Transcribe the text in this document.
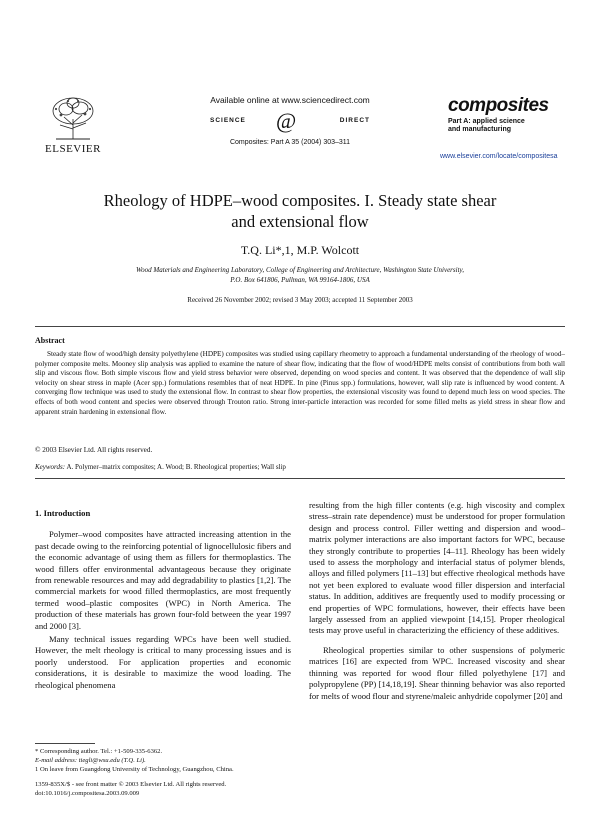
ELSEVIER
Available online at www.sciencedirect.com
SCIENCE @	DIRECT
Composites: Part A 35 (2004) 303–311
composites
Part A: applied science
and manufacturing
www.elsevier.com/locate/compositesa
Rheology of HDPE–wood composites. I. Steady state shear
and extensional flow
T.Q. Li*,1, M.P. Wolcott
Wood Materials and Engineering Laboratory, College of Engineering and Architecture, Washington State University,
P.O. Box 641806, Pullman, WA 99164-1806, USA
Received 26 November 2002; revised 3 May 2003; accepted 11 September 2003
Abstract
Steady state flow of wood/high density polyethylene (HDPE) composites was studied using capillary rheometry to approach a fundamental understanding of the rheology of wood–polymer composite melts. Mooney slip analysis was applied to examine the nature of shear flow, indicating that the flow of wood/HDPE melts consist of contributions from both wall slip and viscous flow. Both simple viscous flow and yield stress behavior were observed, depending on wood species and content. It was observed that the dependence of wall slip velocity on shear stress in maple (Acer spp.) formulations resembles that of neat HDPE. In pine (Pinus spp.) formulations, however, wall slip rate is influenced by wood content. A converging flow technique was used to study the extensional flow. In contrast to shear flow properties, the extensional viscosity was found to depend much less on wood species. The effects of both wood content and species were observed through Trouton ratio. Strong inter-particle interaction was recorded for some filled melts as yield stress in shear flow and apparent strain hardening in extensional flow.
© 2003 Elsevier Ltd. All rights reserved.
Keywords: A. Polymer–matrix composites; A. Wood; B. Rheological properties; Wall slip
1. Introduction

Polymer–wood composites have attracted increasing attention in the past decade owing to the reinforcing potential of lignocellulosic fibers and the economic advantage of using them as fillers for thermoplastics. The wood fillers offer environmental advantageous because they originate from renewable resources and may add degradability to plastics [1,2]. The commercial markets for wood filled thermoplastics, are most frequently termed wood–plastic composites (WPC) in North America. The production of these materials has grown four-fold between the year 1997 and 2000 [3].

Many technical issues regarding WPCs have been well studied. However, the melt rheology is critical to many processing issues and is poorly understood. For application properties and economic considerations, it is desirable to maximize the wood loading. The rheological phenomena

resulting from the high filler contents (e.g. high viscosity and complex stress–strain rate dependence) must be understood for proper formulation design and process control. Filler wetting and dispersion and wood–matrix polymer interactions are also important factors for WPC, because they strongly contribute to properties [4–11]. Rheology has been widely used to assess the morphology and interfacial status of polymer blends, alloys and filled polymers [11–13] but effective rheological methods have not yet been explored to evaluate wood filler dispersion and interfacial status. In addition, additives are frequently used to modify processing or end properties of WPC formulations, however, their effects have been largely assessed from an applied viewpoint [14,15]. Proper rheological tests may prove useful in characterizing the efficiency of these additives.

Rheological properties similar to other suspensions of polymeric matrices [16] are expected from WPC. Increased viscosity and shear thinning was reported for wood flour filled polyethylene [17] and polypropylene (PP) [14,18,19]. Shear thinning behavior was also reported for melts of wood flour and styrene/maleic anhydride copolymer [20] and

* Corresponding author. Tel.: +1-509-335-6362.
E-mail address: tiegli@wsu.edu (T.Q. Li).
1 On leave from Guangdong University of Technology, Guangzhou, China.
1359-835X/$ - see front matter © 2003 Elsevier Ltd. All rights reserved.
doi:10.1016/j.compositesa.2003.09.009
